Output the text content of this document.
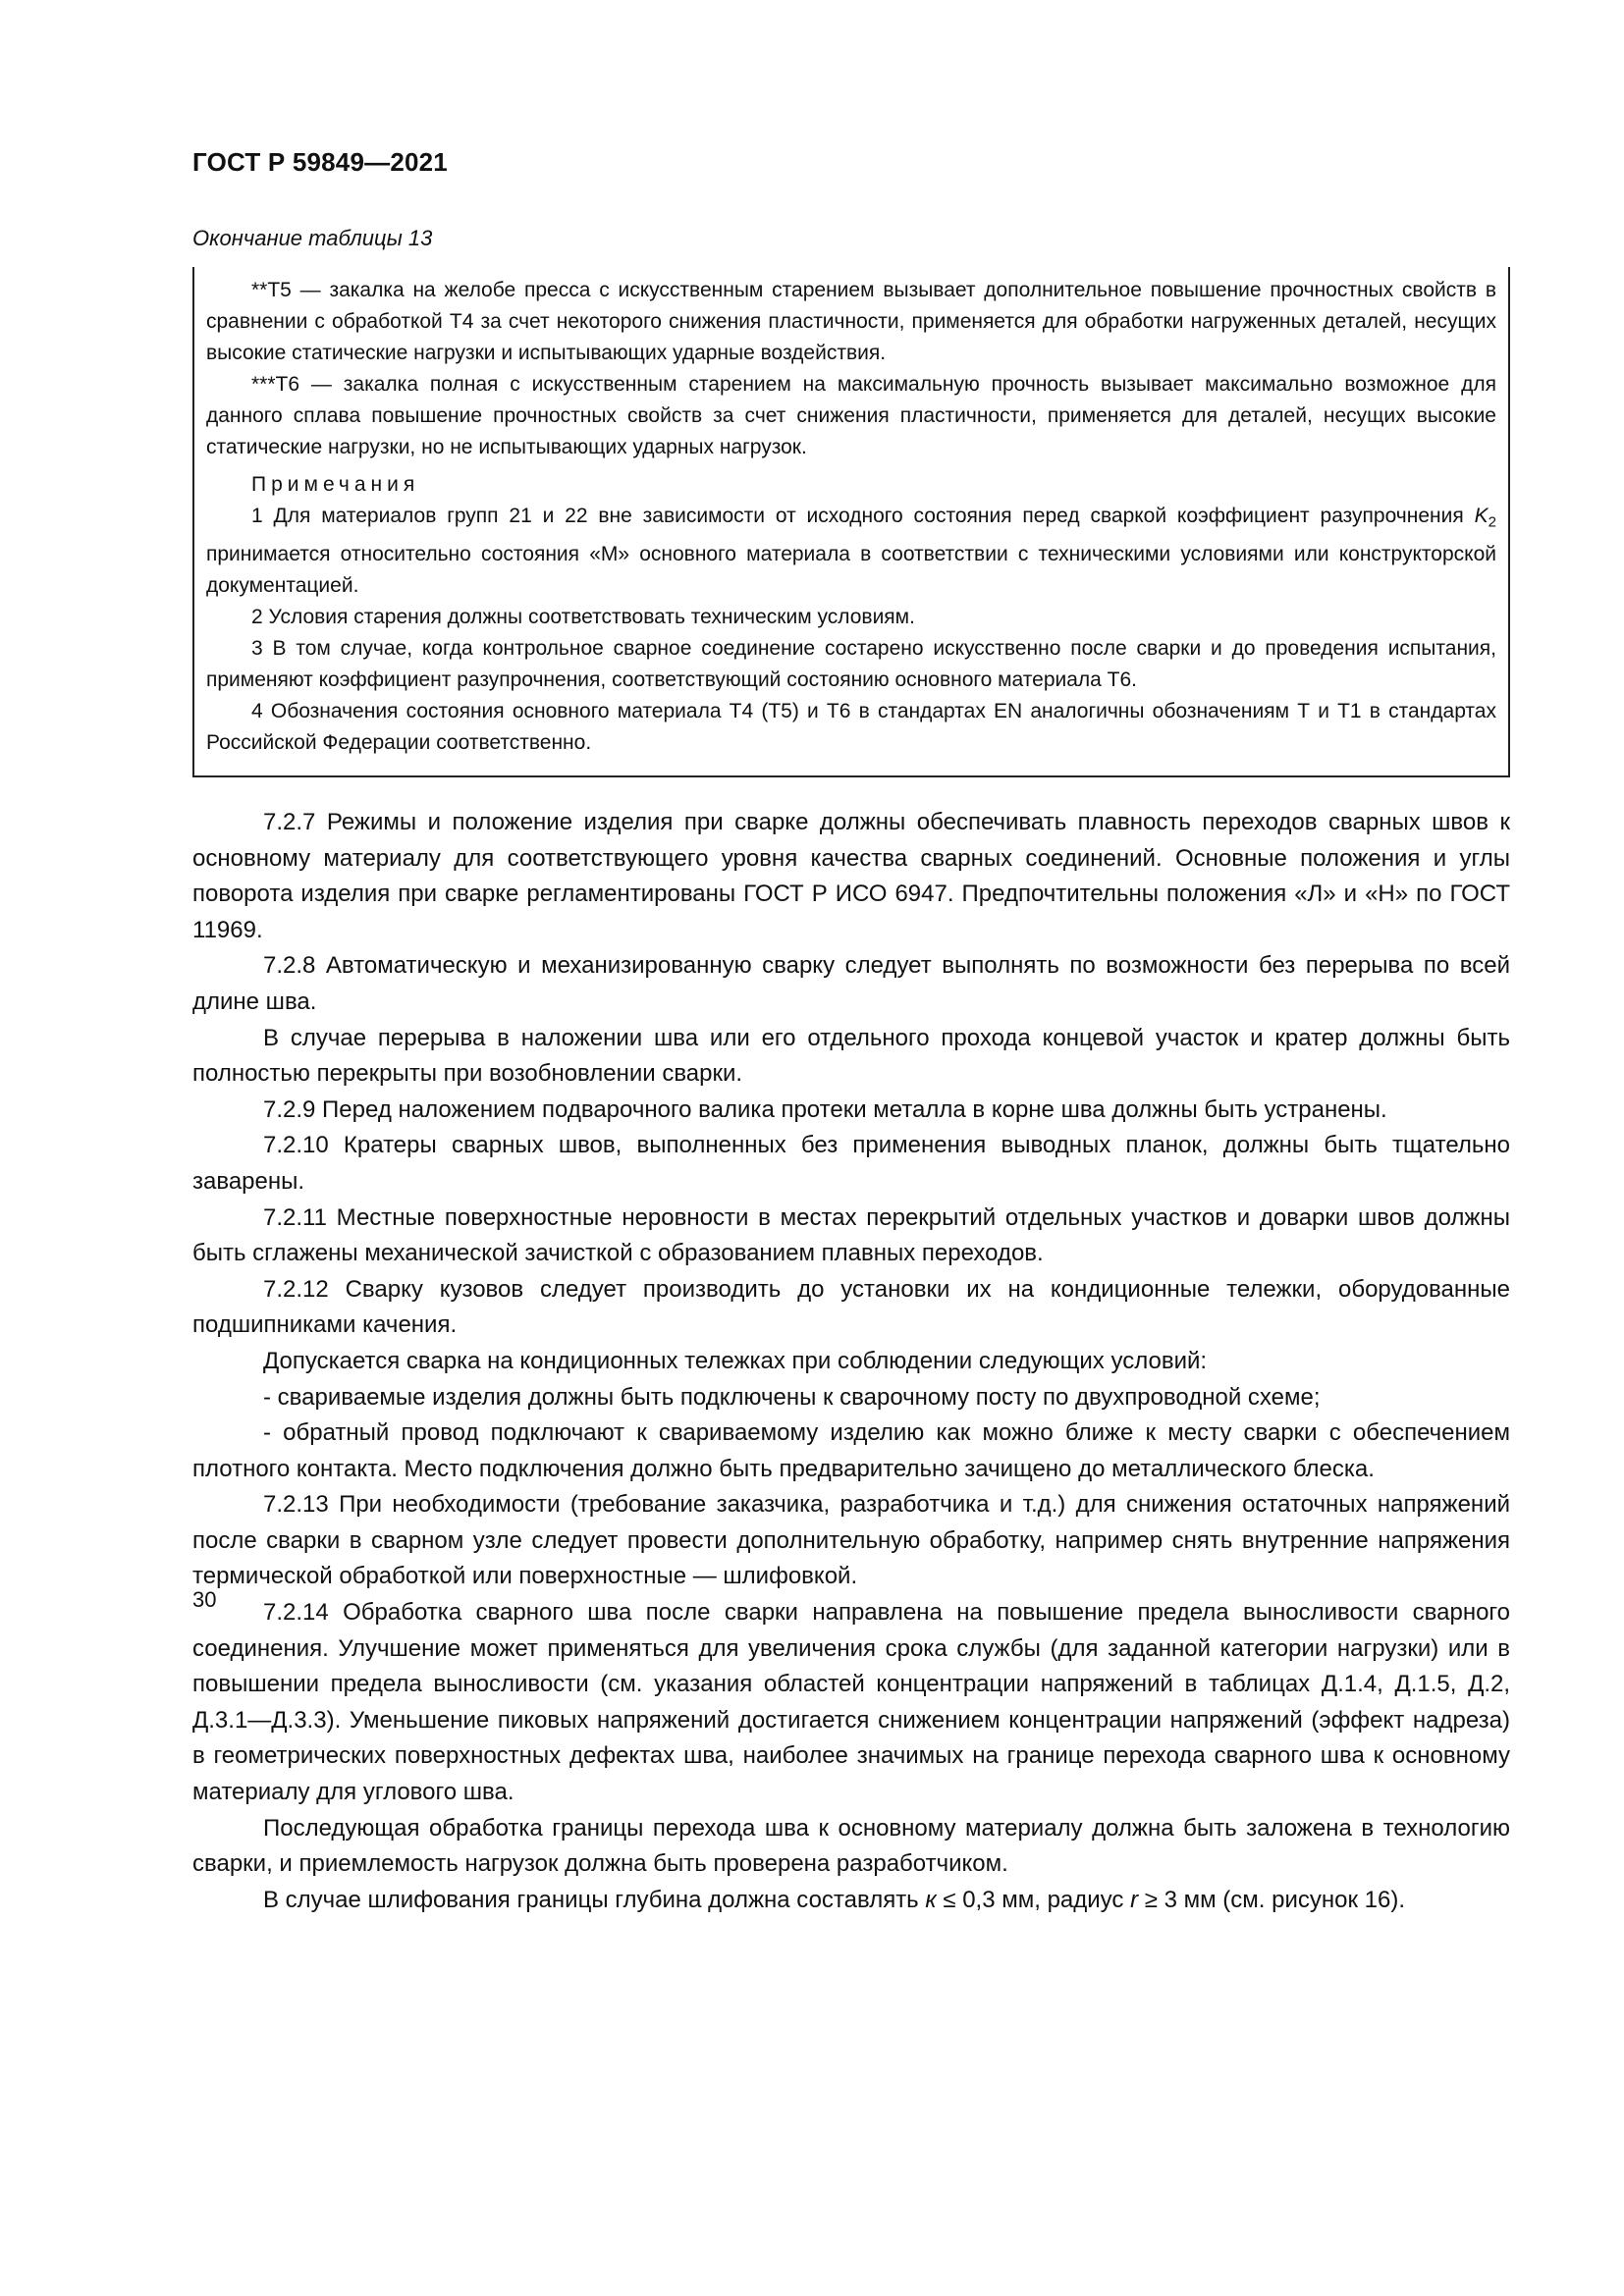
ГОСТ Р 59849—2021
Окончание таблицы 13

**Т5 — закалка на желобе пресса с искусственным старением вызывает дополнительное повышение прочностных свойств в сравнении с обработкой Т4 за счет некоторого снижения пластичности, применяется для обработки нагруженных деталей, несущих высокие статические нагрузки и испытывающих ударные воздействия.

***Т6 — закалка полная с искусственным старением на максимальную прочность вызывает максимально возможное для данного сплава повышение прочностных свойств за счет снижения пластичности, применяется для деталей, несущих высокие статические нагрузки, но не испытывающих ударных нагрузок.

Примечания

1 Для материалов групп 21 и 22 вне зависимости от исходного состояния перед сваркой коэффициент разупрочнения $K_2$ принимается относительно состояния «М» основного материала в соответствии с техническими условиями или конструкторской документацией.

2 Условия старения должны соответствовать техническим условиям.

3 В том случае, когда контрольное сварное соединение состарено искусственно после сварки и до проведения испытания, применяют коэффициент разупрочнения, соответствующий состоянию основного материала Т6.

4 Обозначения состояния основного материала Т4 (Т5) и Т6 в стандартах EN аналогичны обозначениям Т и Т1 в стандартах Российской Федерации соответственно.

7.2.7 Режимы и положение изделия при сварке должны обеспечивать плавность переходов сварных швов к основному материалу для соответствующего уровня качества сварных соединений. Основные положения и углы поворота изделия при сварке регламентированы ГОСТ Р ИСО 6947. Предпочтительны положения «Л» и «Н» по ГОСТ 11969.

7.2.8 Автоматическую и механизированную сварку следует выполнять по возможности без перерыва по всей длине шва.

В случае перерыва в наложении шва или его отдельного прохода концевой участок и кратер должны быть полностью перекрыты при возобновлении сварки.

7.2.9 Перед наложением подварочного валика протеки металла в корне шва должны быть устранены.

7.2.10 Кратеры сварных швов, выполненных без применения выводных планок, должны быть тщательно заварены.

7.2.11 Местные поверхностные неровности в местах перекрытий отдельных участков и доварки швов должны быть сглажены механической зачисткой с образованием плавных переходов.

7.2.12 Сварку кузовов следует производить до установки их на кондиционные тележки, оборудованные подшипниками качения.

Допускается сварка на кондиционных тележках при соблюдении следующих условий:

- свариваемые изделия должны быть подключены к сварочному посту по двухпроводной схеме;

- обратный провод подключают к свариваемому изделию как можно ближе к месту сварки с обеспечением плотного контакта. Место подключения должно быть предварительно зачищено до металлического блеска.

7.2.13 При необходимости (требование заказчика, разработчика и т.д.) для снижения остаточных напряжений после сварки в сварном узле следует провести дополнительную обработку, например снять внутренние напряжения термической обработкой или поверхностные — шлифовкой.

7.2.14 Обработка сварного шва после сварки направлена на повышение предела выносливости сварного соединения. Улучшение может применяться для увеличения срока службы (для заданной категории нагрузки) или в повышении предела выносливости (см. указания областей концентрации напряжений в таблицах Д.1.4, Д.1.5, Д.2, Д.3.1—Д.3.3). Уменьшение пиковых напряжений достигается снижением концентрации напряжений (эффект надреза) в геометрических поверхностных дефектах шва, наиболее значимых на границе перехода сварного шва к основному материалу для углового шва.

Последующая обработка границы перехода шва к основному материалу должна быть заложена в технологию сварки, и приемлемость нагрузок должна быть проверена разработчиком.

В случае шлифования границы глубина должна составлять к ≤ 0,3 мм, радиус r ≥ 3 мм (см. рисунок 16).

30
